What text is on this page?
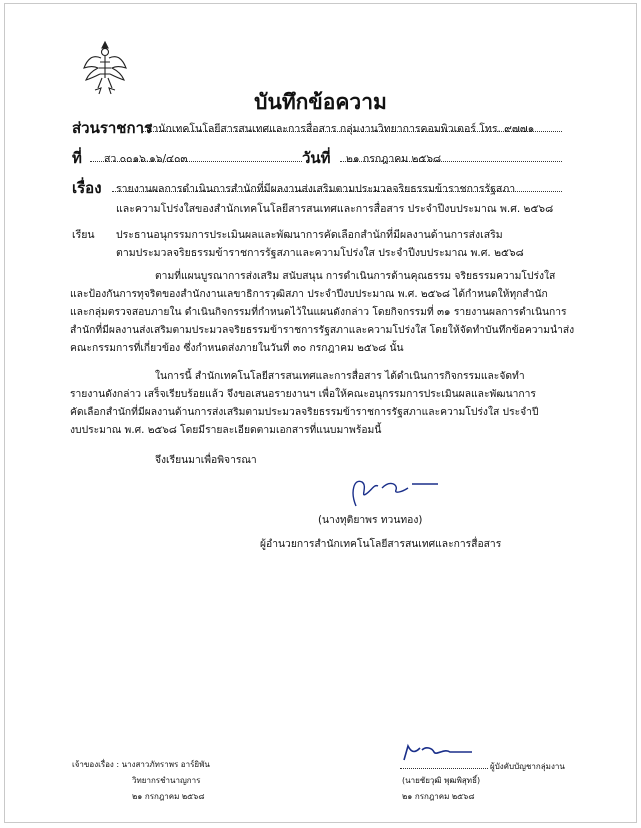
บันทึกข้อความ
ส่วนราชการ
สำนักเทคโนโลยีสารสนเทศและการสื่อสาร กลุ่มงานวิทยาการคอมพิวเตอร์ โทร. ๙๗๗๑
ที่ สว ๐๐๑๖.๑๖/๔๐๓	วันที่ ๒๑ กรกฎาคม ๒๕๖๘
เรื่อง รายงานผลการดำเนินการสำนักที่มีผลงานส่งเสริมตามประมวลจริยธรรมข้าราชการรัฐสภา
และความโปร่งใสของสำนักเทคโนโลยีสารสนเทศและการสื่อสาร ประจำปีงบประมาณ พ.ศ. ๒๕๖๘
เรียน ประธานอนุกรรมการประเมินผลและพัฒนาการคัดเลือกสำนักที่มีผลงานด้านการส่งเสริม
ตามประมวลจริยธรรมข้าราชการรัฐสภาและความโปร่งใส ประจำปีงบประมาณ พ.ศ. ๒๕๖๘
ตามที่แผนบูรณาการส่งเสริม สนับสนุน การดำเนินการด้านคุณธรรม จริยธรรมความโปร่งใส
และป้องกันการทุจริตของสำนักงานเลขาธิการวุฒิสภา ประจำปีงบประมาณ พ.ศ. ๒๕๖๘ ได้กำหนดให้ทุกสำนัก
และกลุ่มตรวจสอบภายใน ดำเนินกิจกรรมที่กำหนดไว้ในแผนดังกล่าว โดยกิจกรรมที่ ๓๑ รายงานผลการดำเนินการ
สำนักที่มีผลงานส่งเสริมตามประมวลจริยธรรมข้าราชการรัฐสภาและความโปร่งใส โดยให้จัดทำบันทึกข้อความนำส่ง
คณะกรรมการที่เกี่ยวข้อง ซึ่งกำหนดส่งภายในวันที่ ๓๐ กรกฎาคม ๒๕๖๘ นั้น
ในการนี้ สำนักเทคโนโลยีสารสนเทศและการสื่อสาร ได้ดำเนินการกิจกรรมและจัดทำ
รายงานดังกล่าว เสร็จเรียบร้อยแล้ว จึงขอเสนอรายงานฯ เพื่อให้คณะอนุกรรมการประเมินผลและพัฒนาการ
คัดเลือกสำนักที่มีผลงานด้านการส่งเสริมตามประมวลจริยธรรมข้าราชการรัฐสภาและความโปร่งใส ประจำปี
งบประมาณ พ.ศ. ๒๕๖๘ โดยมีรายละเอียดตามเอกสารที่แนบมาพร้อมนี้
จึงเรียนมาเพื่อพิจารณา
(นางทุติยาพร ทวนทอง)
ผู้อำนวยการสำนักเทคโนโลยีสารสนเทศและการสื่อสาร
เจ้าของเรื่อง : นางสาวภัทราพร อาร์ยิพัน
วิทยากรชำนาญการ
๒๑ กรกฎาคม ๒๕๖๘
ผู้บังคับบัญชากลุ่มงาน
(นายชัยวุฒิ พุฒพิสุทธิ์)
๒๑ กรกฎาคม ๒๕๖๘
